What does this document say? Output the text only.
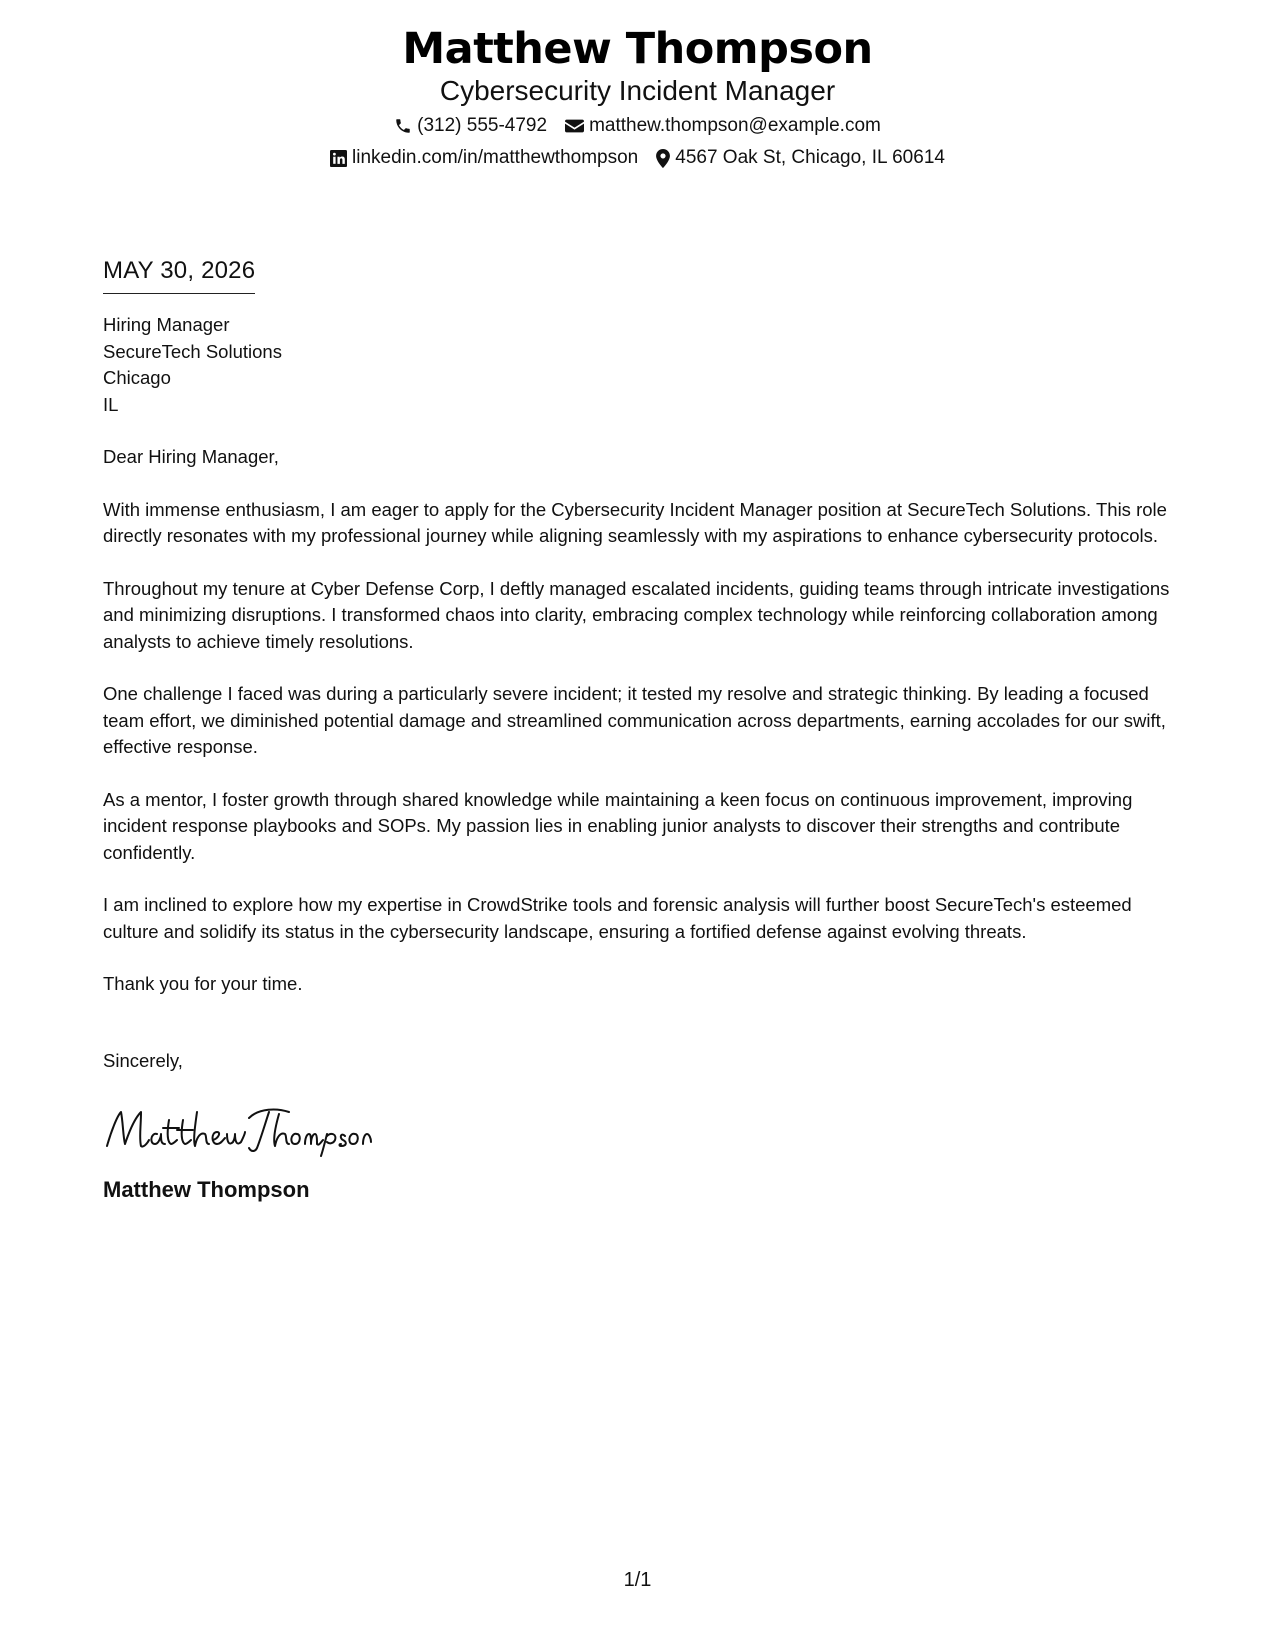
Matthew Thompson
Cybersecurity Incident Manager
(312) 555-4792 matthew.thompson@example.com
linkedin.com/in/matthewthompson 4567 Oak St, Chicago, IL 60614
MAY 30, 2026
Hiring Manager
SecureTech Solutions
Chicago
IL
Dear Hiring Manager,

With immense enthusiasm, I am eager to apply for the Cybersecurity Incident Manager position at SecureTech Solutions. This role directly resonates with my professional journey while aligning seamlessly with my aspirations to enhance cybersecurity protocols.

Throughout my tenure at Cyber Defense Corp, I deftly managed escalated incidents, guiding teams through intricate investigations and minimizing disruptions. I transformed chaos into clarity, embracing complex technology while reinforcing collaboration among analysts to achieve timely resolutions.

One challenge I faced was during a particularly severe incident; it tested my resolve and strategic thinking. By leading a focused team effort, we diminished potential damage and streamlined communication across departments, earning accolades for our swift, effective response.

As a mentor, I foster growth through shared knowledge while maintaining a keen focus on continuous improvement, improving incident response playbooks and SOPs. My passion lies in enabling junior analysts to discover their strengths and contribute confidently.

I am inclined to explore how my expertise in CrowdStrike tools and forensic analysis will further boost SecureTech's esteemed culture and solidify its status in the cybersecurity landscape, ensuring a fortified defense against evolving threats.

Thank you for your time.

Sincerely,
Matthew Thompson
1/1
